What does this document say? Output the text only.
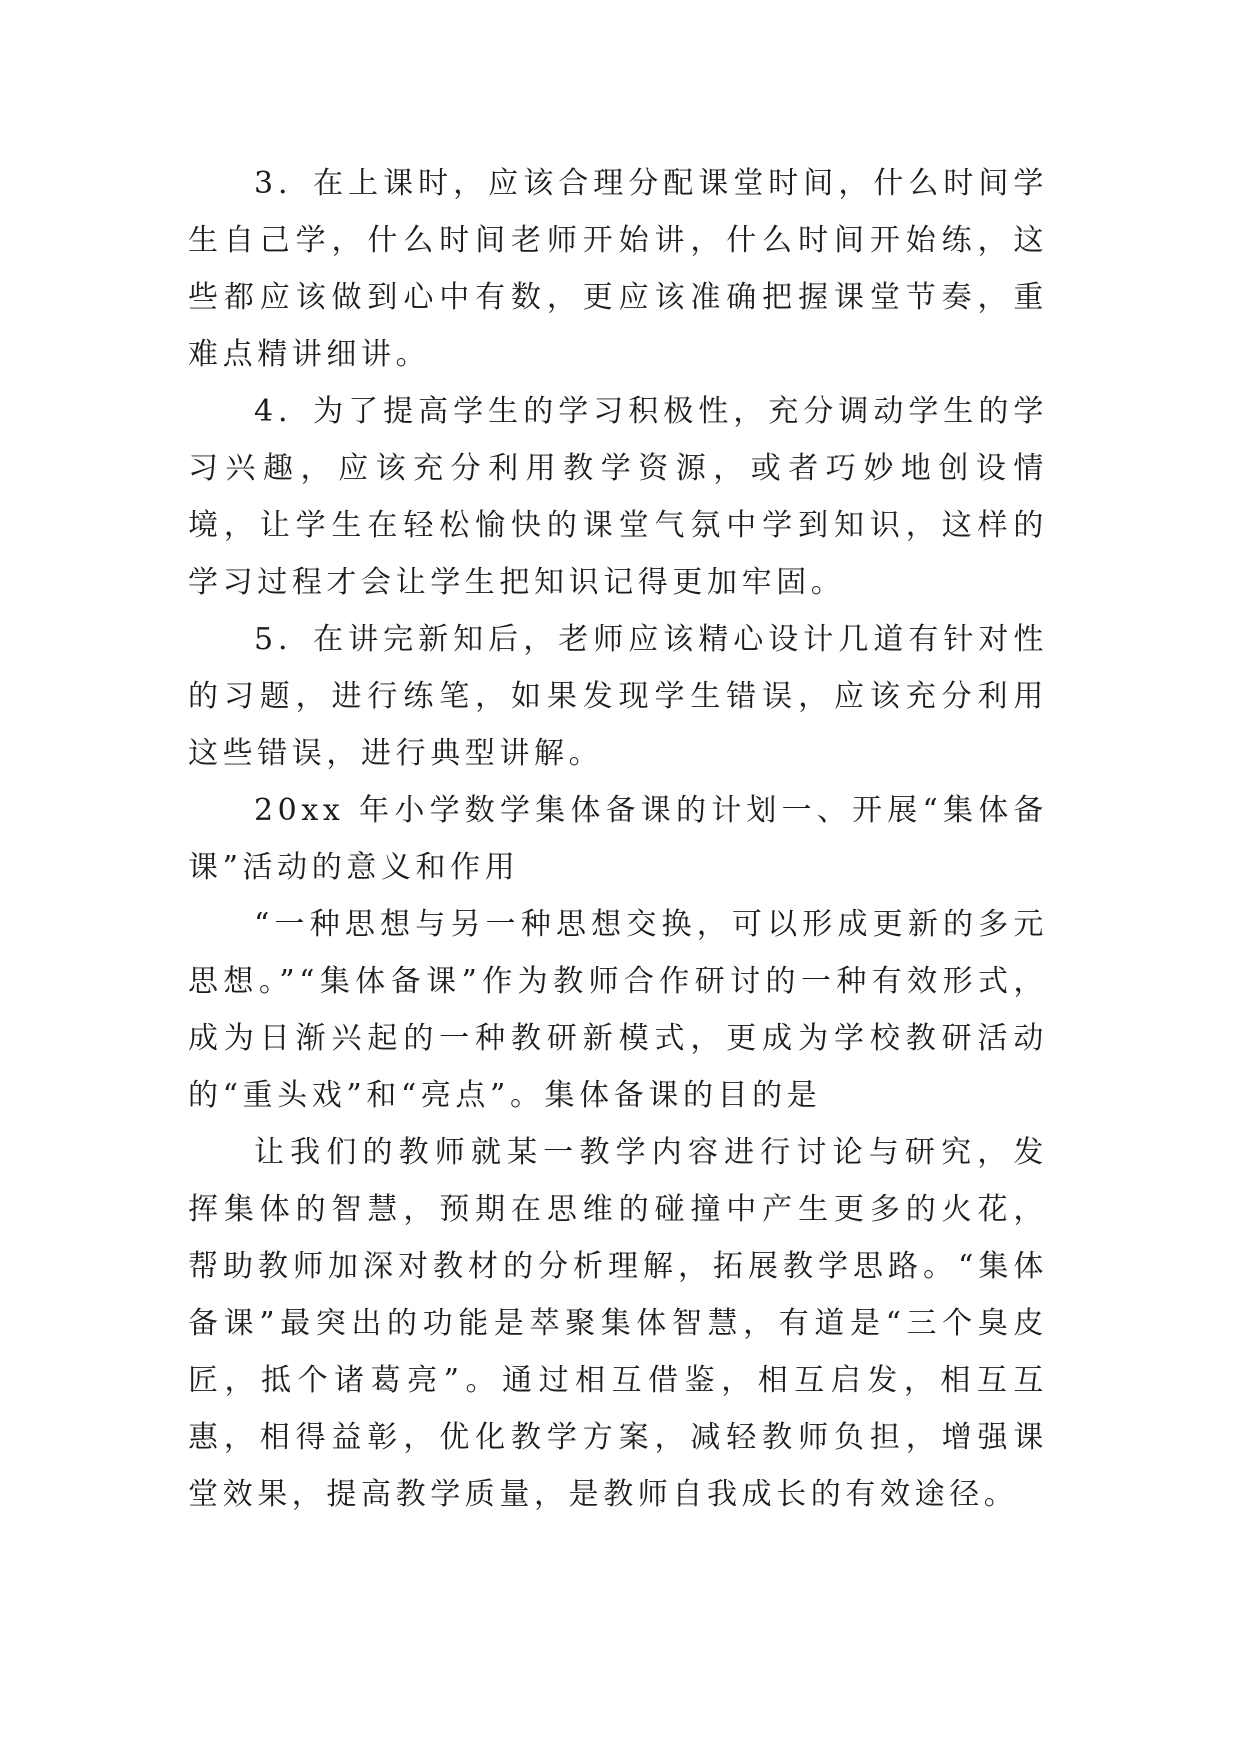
3．在上课时，应该合理分配课堂时间，什么时间学生自己学，什么时间老师开始讲，什么时间开始练，这些都应该做到心中有数，更应该准确把握课堂节奏，重难点精讲细讲。

4．为了提高学生的学习积极性，充分调动学生的学习兴趣，应该充分利用教学资源，或者巧妙地创设情境，让学生在轻松愉快的课堂气氛中学到知识，这样的学习过程才会让学生把知识记得更加牢固。

5．在讲完新知后，老师应该精心设计几道有针对性的习题，进行练笔，如果发现学生错误，应该充分利用这些错误，进行典型讲解。

20xx 年小学数学集体备课的计划一、开展“集体备课”活动的意义和作用

“一种思想与另一种思想交换，可以形成更新的多元思想。”“集体备课”作为教师合作研讨的一种有效形式，成为日渐兴起的一种教研新模式，更成为学校教研活动的“重头戏”和“亮点”。集体备课的目的是

让我们的教师就某一教学内容进行讨论与研究，发挥集体的智慧，预期在思维的碰撞中产生更多的火花，帮助教师加深对教材的分析理解，拓展教学思路。“集体备课”最突出的功能是萃聚集体智慧，有道是“三个臭皮匠，抵个诸葛亮”。通过相互借鉴，相互启发，相互互惠，相得益彰，优化教学方案，减轻教师负担，增强课堂效果，提高教学质量，是教师自我成长的有效途径。
